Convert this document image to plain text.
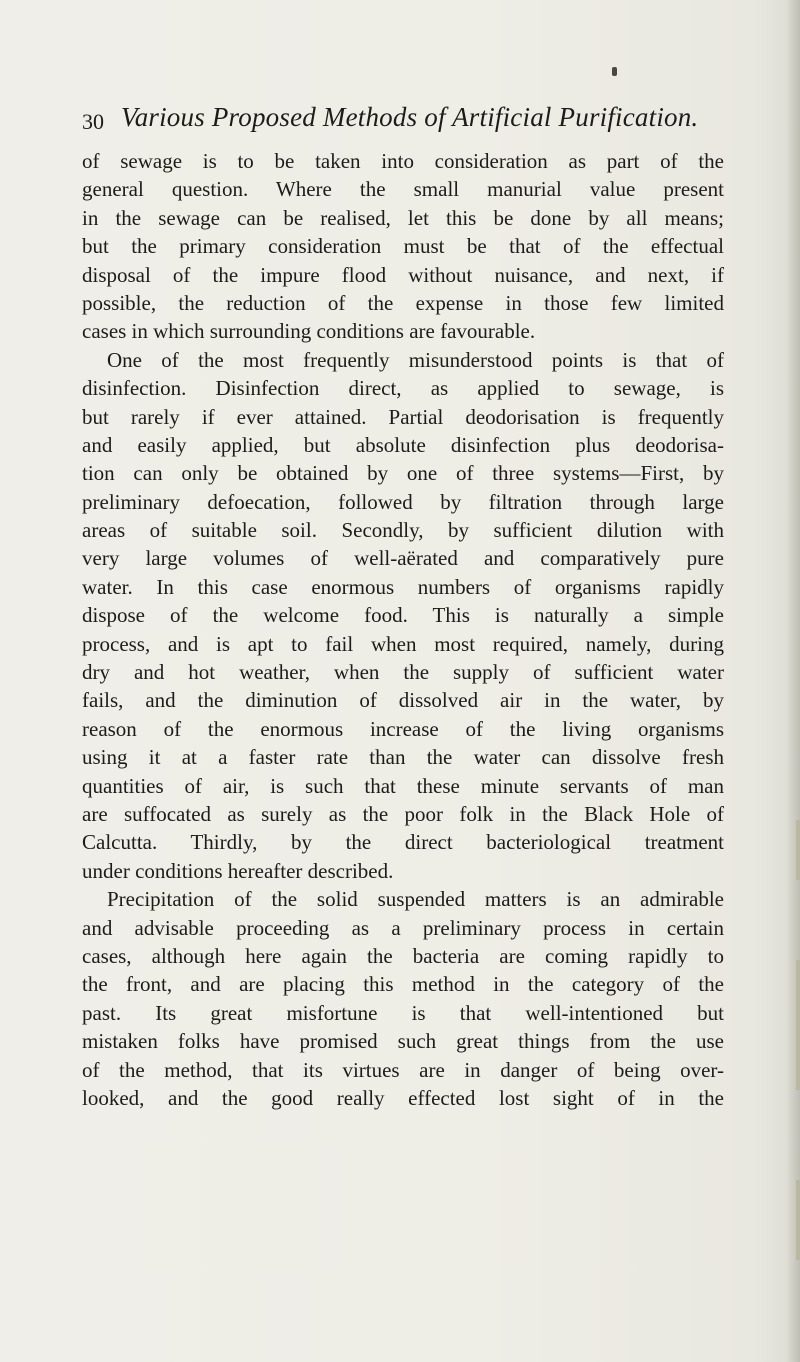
30 Various Proposed Methods of Artificial Purification.
of sewage is to be taken into consideration as part of the
general question. Where the small manurial value present
in the sewage can be realised, let this be done by all means;
but the primary consideration must be that of the effectual
disposal of the impure flood without nuisance, and next, if
possible, the reduction of the expense in those few limited
cases in which surrounding conditions are favourable.
One of the most frequently misunderstood points is that of
disinfection. Disinfection direct, as applied to sewage, is
but rarely if ever attained. Partial deodorisation is frequently
and easily applied, but absolute disinfection plus deodorisa-
tion can only be obtained by one of three systems—First, by
preliminary defoecation, followed by filtration through large
areas of suitable soil. Secondly, by sufficient dilution with
very large volumes of well-aërated and comparatively pure
water. In this case enormous numbers of organisms rapidly
dispose of the welcome food. This is naturally a simple
process, and is apt to fail when most required, namely, during
dry and hot weather, when the supply of sufficient water
fails, and the diminution of dissolved air in the water, by
reason of the enormous increase of the living organisms
using it at a faster rate than the water can dissolve fresh
quantities of air, is such that these minute servants of man
are suffocated as surely as the poor folk in the Black Hole of
Calcutta. Thirdly, by the direct bacteriological treatment
under conditions hereafter described.
Precipitation of the solid suspended matters is an admirable
and advisable proceeding as a preliminary process in certain
cases, although here again the bacteria are coming rapidly to
the front, and are placing this method in the category of the
past. Its great misfortune is that well-intentioned but
mistaken folks have promised such great things from the use
of the method, that its virtues are in danger of being over-
looked, and the good really effected lost sight of in the
